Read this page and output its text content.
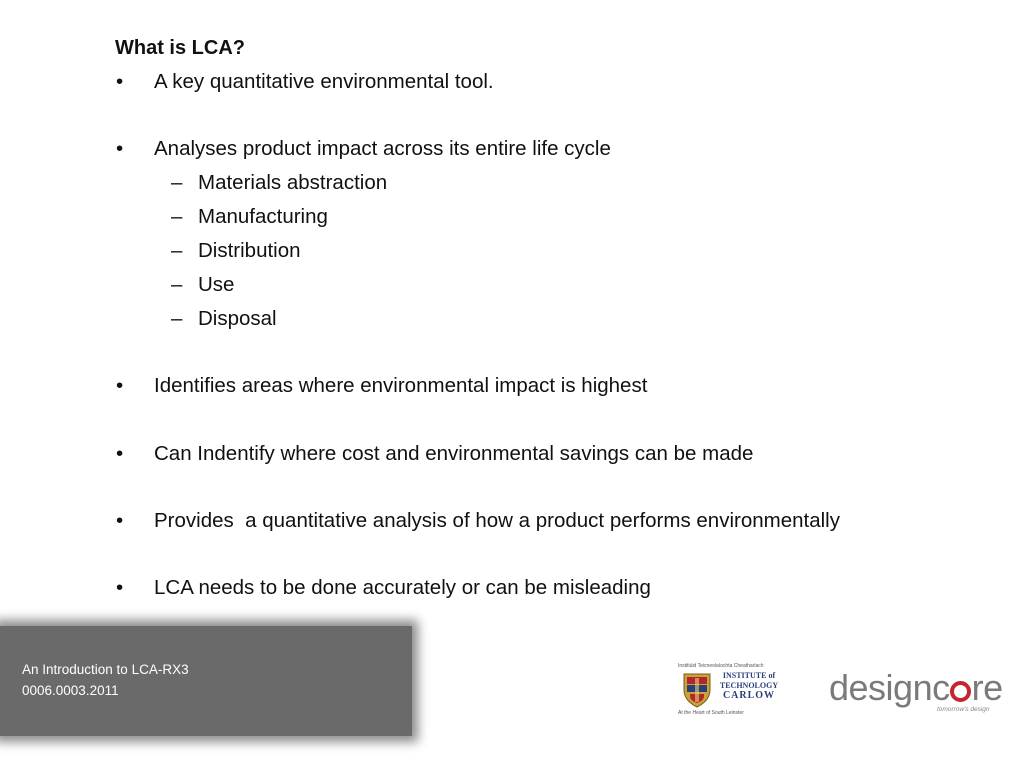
What is LCA?
• A key quantitative environmental tool.
• Analyses product impact across its entire life cycle
– Materials abstraction
– Manufacturing
– Distribution
– Use
– Disposal
• Identifies areas where environmental impact is highest
• Can Indentify where cost and environmental savings can be made
• Provides  a quantitative analysis of how a product performs environmentally
• LCA needs to be done accurately or can be misleading
An Introduction to LCA-RX3
0006.0003.2011
Institiúid Teicneolaíochta Cheatharlach
INSTITUTE of
TECHNOLOGY
CARLOW
At the Heart of South Leinster
designc re
tomorrow's design
